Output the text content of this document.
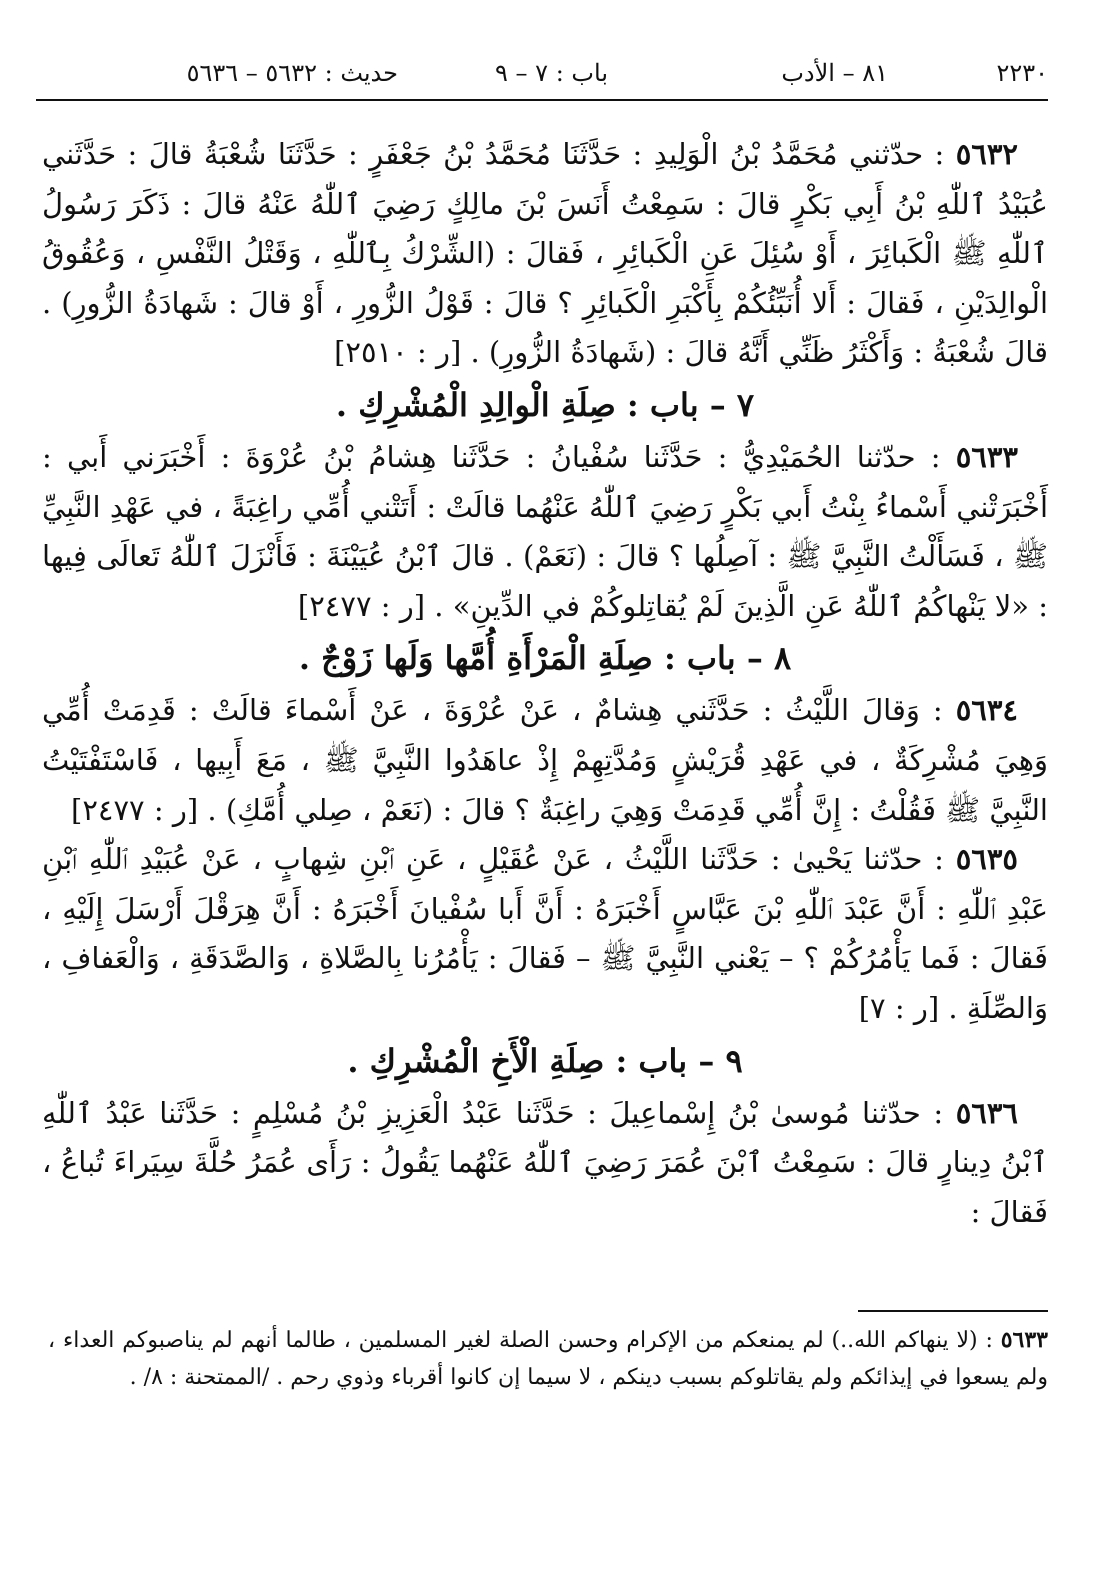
٢٢٣٠
٨١ – الأدب
باب : ٧ – ٩
حديث : ٥٦٣٢ – ٥٦٣٦

٥٦٣٢ : حدّثني مُحَمَّدُ بْنُ الْوَلِيدِ : حَدَّثَنَا مُحَمَّدُ بْنُ جَعْفَرٍ : حَدَّثَنَا شُعْبَةُ قالَ : حَدَّثَني عُبَيْدُ ٱللّٰهِ بْنُ أَبِي بَكْرٍ قالَ : سَمِعْتُ أَنَسَ بْنَ مالِكٍ رَضِيَ ٱللّٰهُ عَنْهُ قالَ : ذَكَرَ رَسُولُ ٱللّٰهِ ﷺ الْكَبائِرَ ، أَوْ سُئِلَ عَنِ الْكَبائِرِ ، فَقالَ : (الشِّرْكُ بِٱللّٰهِ ، وَقَتْلُ النَّفْسِ ، وَعُقُوقُ الْوالِدَيْنِ ، فَقالَ : أَلا أُنَبِّئُكُمْ بِأَكْبَرِ الْكَبائِرِ ؟ قالَ : قَوْلُ الزُّورِ ، أَوْ قالَ : شَهادَةُ الزُّورِ) . قالَ شُعْبَةُ : وَأَكْثَرُ ظَنِّي أَنَّهُ قالَ : (شَهادَةُ الزُّورِ) . [ر : ٢٥١٠]

٧ – باب : صِلَةِ الْوالِدِ الْمُشْرِكِ .

٥٦٣٣ : حدّثنا الحُمَيْدِيُّ : حَدَّثَنا سُفْيانُ : حَدَّثَنا هِشامُ بْنُ عُرْوَةَ : أَخْبَرَني أَبي : أَخْبَرَتْني أَسْماءُ بِنْتُ أَبي بَكْرٍ رَضِيَ ٱللّٰهُ عَنْهُما قالَتْ : أَتَتْني أُمِّي راغِبَةً ، في عَهْدِ النَّبِيِّ ﷺ ، فَسَأَلْتُ النَّبِيَّ ﷺ : آصِلُها ؟ قالَ : (نَعَمْ) . قالَ ٱبْنُ عُيَيْنَةَ : فَأَنْزَلَ ٱللّٰهُ تَعالَى فِيها : «لا يَنْهاكُمُ ٱللّٰهُ عَنِ الَّذِينَ لَمْ يُقاتِلوكُمْ في الدِّينِ» . [ر : ٢٤٧٧]

٨ – باب : صِلَةِ الْمَرْأَةِ أُمَّها وَلَها زَوْجٌ .

٥٦٣٤ : وَقالَ اللَّيْثُ : حَدَّثَني هِشامٌ ، عَنْ عُرْوَةَ ، عَنْ أَسْماءَ قالَتْ : قَدِمَتْ أُمِّي وَهِيَ مُشْرِكَةٌ ، في عَهْدِ قُرَيْشٍ وَمُدَّتِهِمْ إِذْ عاهَدُوا النَّبِيَّ ﷺ ، مَعَ أَبِيها ، فَاسْتَفْتَيْتُ النَّبِيَّ ﷺ فَقُلْتُ : إِنَّ أُمِّي قَدِمَتْ وَهِيَ راغِبَةٌ ؟ قالَ : (نَعَمْ ، صِلي أُمَّكِ) . [ر : ٢٤٧٧]

٥٦٣٥ : حدّثنا يَحْيىٰ : حَدَّثَنا اللَّيْثُ ، عَنْ عُقَيْلٍ ، عَنِ ٱبْنِ شِهابٍ ، عَنْ عُبَيْدِ ٱللّٰهِ ٱبْنِ عَبْدِ ٱللّٰهِ : أَنَّ عَبْدَ ٱللّٰهِ بْنَ عَبَّاسٍ أَخْبَرَهُ : أَنَّ أَبا سُفْيانَ أَخْبَرَهُ : أَنَّ هِرَقْلَ أَرْسَلَ إِلَيْهِ ، فَقالَ : فَما يَأْمُرُكُمْ ؟ – يَعْني النَّبِيَّ ﷺ – فَقالَ : يَأْمُرُنا بِالصَّلاةِ ، وَالصَّدَقَةِ ، وَالْعَفافِ ، وَالصِّلَةِ . [ر : ٧]

٩ – باب : صِلَةِ الْأَخِ الْمُشْرِكِ .

٥٦٣٦ : حدّثنا مُوسىٰ بْنُ إِسْماعِيلَ : حَدَّثَنا عَبْدُ الْعَزِيزِ بْنُ مُسْلِمٍ : حَدَّثَنا عَبْدُ ٱللّٰهِ ٱبْنُ دِينارٍ قالَ : سَمِعْتُ ٱبْنَ عُمَرَ رَضِيَ ٱللّٰهُ عَنْهُما يَقُولُ : رَأَى عُمَرُ حُلَّةَ سِيَراءَ تُباعُ ، فَقالَ :

٥٦٣٣ : (لا ينهاكم الله..) لم يمنعكم من الإكرام وحسن الصلة لغير المسلمين ، طالما أنهم لم يناصبوكم العداء ، ولم يسعوا في إيذائكم ولم يقاتلوكم بسبب دينكم ، لا سيما إن كانوا أقرباء وذوي رحم . /الممتحنة : ٨/ .
